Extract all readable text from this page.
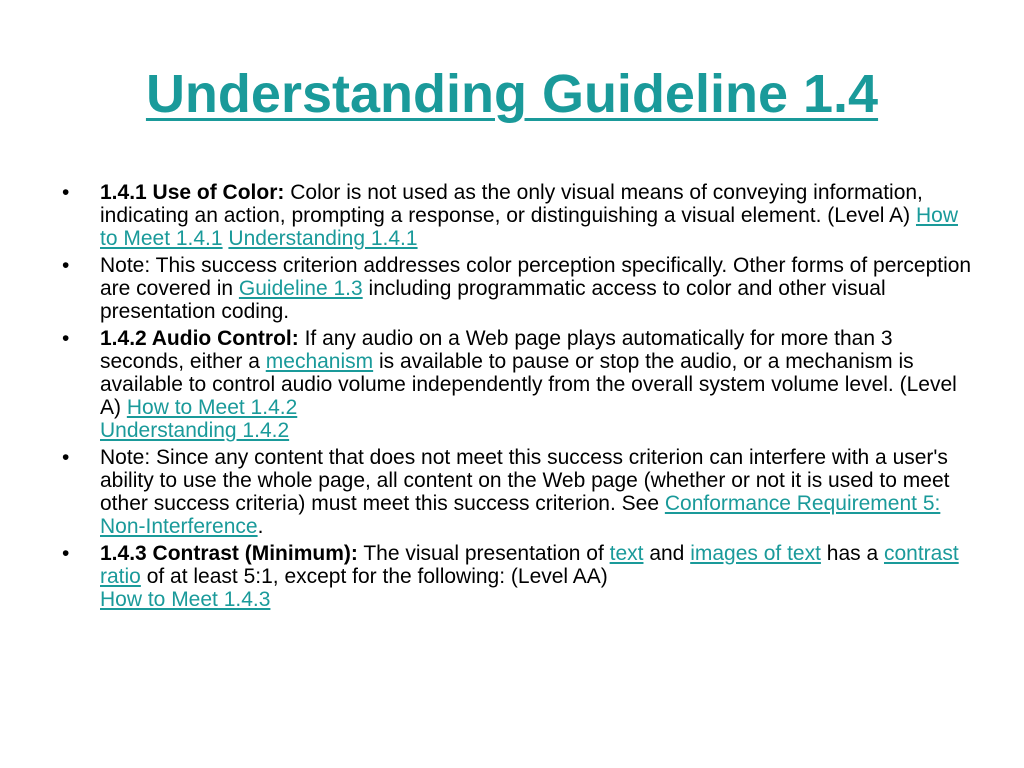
Understanding Guideline 1.4
• 1.4.1 Use of Color: Color is not used as the only visual means of conveying information, indicating an action, prompting a response, or distinguishing a visual element. (Level A) How to Meet 1.4.1 Understanding 1.4.1
• Note: This success criterion addresses color perception specifically. Other forms of perception are covered in Guideline 1.3 including programmatic access to color and other visual presentation coding.
• 1.4.2 Audio Control: If any audio on a Web page plays automatically for more than 3 seconds, either a mechanism is available to pause or stop the audio, or a mechanism is available to control audio volume independently from the overall system volume level. (Level A) How to Meet 1.4.2
Understanding 1.4.2
• Note: Since any content that does not meet this success criterion can interfere with a user's ability to use the whole page, all content on the Web page (whether or not it is used to meet other success criteria) must meet this success criterion. See Conformance Requirement 5: Non-Interference.
• 1.4.3 Contrast (Minimum): The visual presentation of text and images of text has a contrast ratio of at least 5:1, except for the following: (Level AA)
How to Meet 1.4.3
